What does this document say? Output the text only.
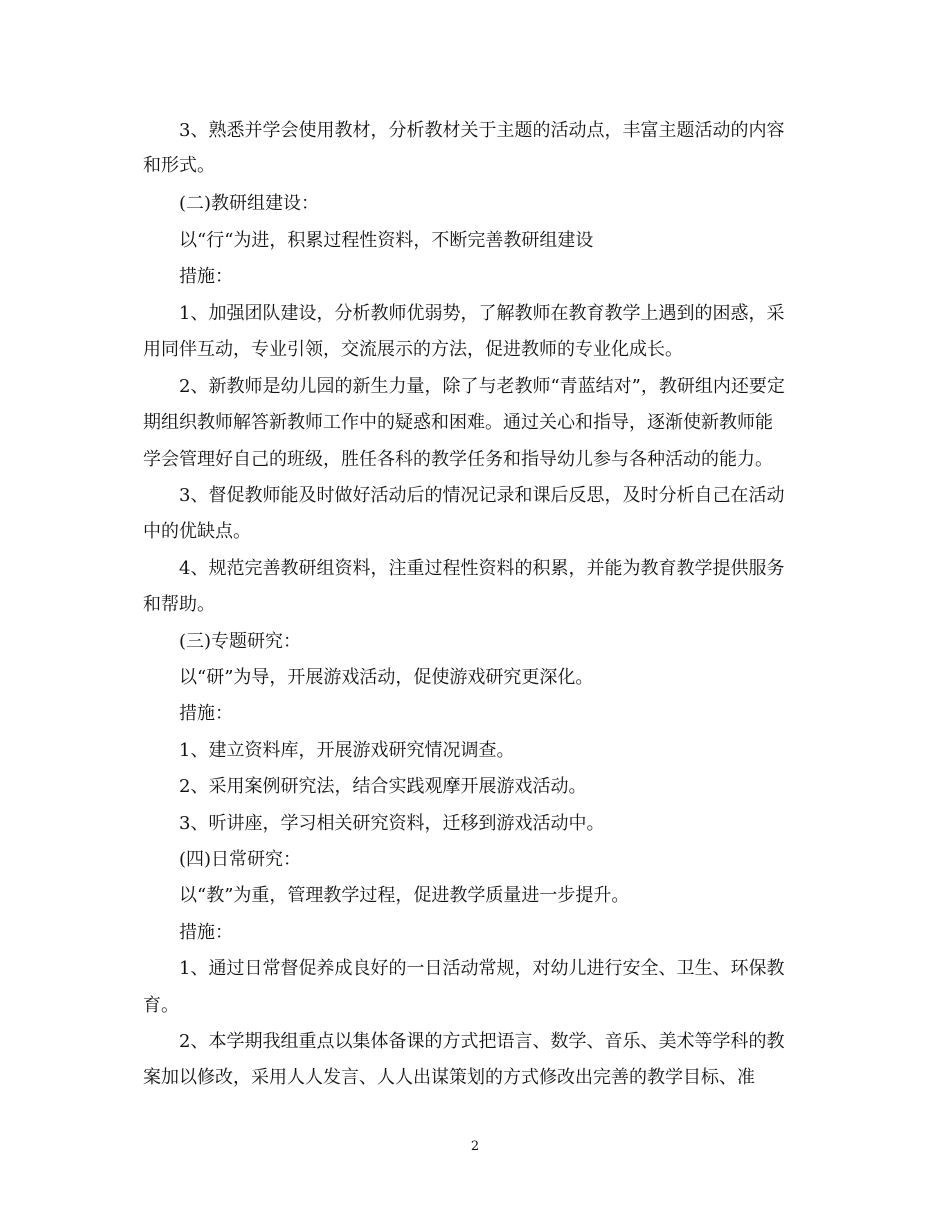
3、熟悉并学会使用教材，分析教材关于主题的活动点，丰富主题活动的内容
和形式。
(二)教研组建设：
以“行“为进，积累过程性资料，不断完善教研组建设
措施：
1、加强团队建设，分析教师优弱势，了解教师在教育教学上遇到的困惑，采
用同伴互动，专业引领，交流展示的方法，促进教师的专业化成长。
2、新教师是幼儿园的新生力量，除了与老教师“青蓝结对”，教研组内还要定
期组织教师解答新教师工作中的疑惑和困难。通过关心和指导，逐渐使新教师能
学会管理好自己的班级，胜任各科的教学任务和指导幼儿参与各种活动的能力。
3、督促教师能及时做好活动后的情况记录和课后反思，及时分析自己在活动
中的优缺点。
4、规范完善教研组资料，注重过程性资料的积累，并能为教育教学提供服务
和帮助。
(三)专题研究：
以“研”为导，开展游戏活动，促使游戏研究更深化。
措施：
1、建立资料库，开展游戏研究情况调查。
2、采用案例研究法，结合实践观摩开展游戏活动。
3、听讲座，学习相关研究资料，迁移到游戏活动中。
(四)日常研究：
以“教”为重，管理教学过程，促进教学质量进一步提升。
措施：
1、通过日常督促养成良好的一日活动常规，对幼儿进行安全、卫生、环保教
育。
2、本学期我组重点以集体备课的方式把语言、数学、音乐、美术等学科的教
案加以修改，采用人人发言、人人出谋策划的方式修改出完善的教学目标、准
2
